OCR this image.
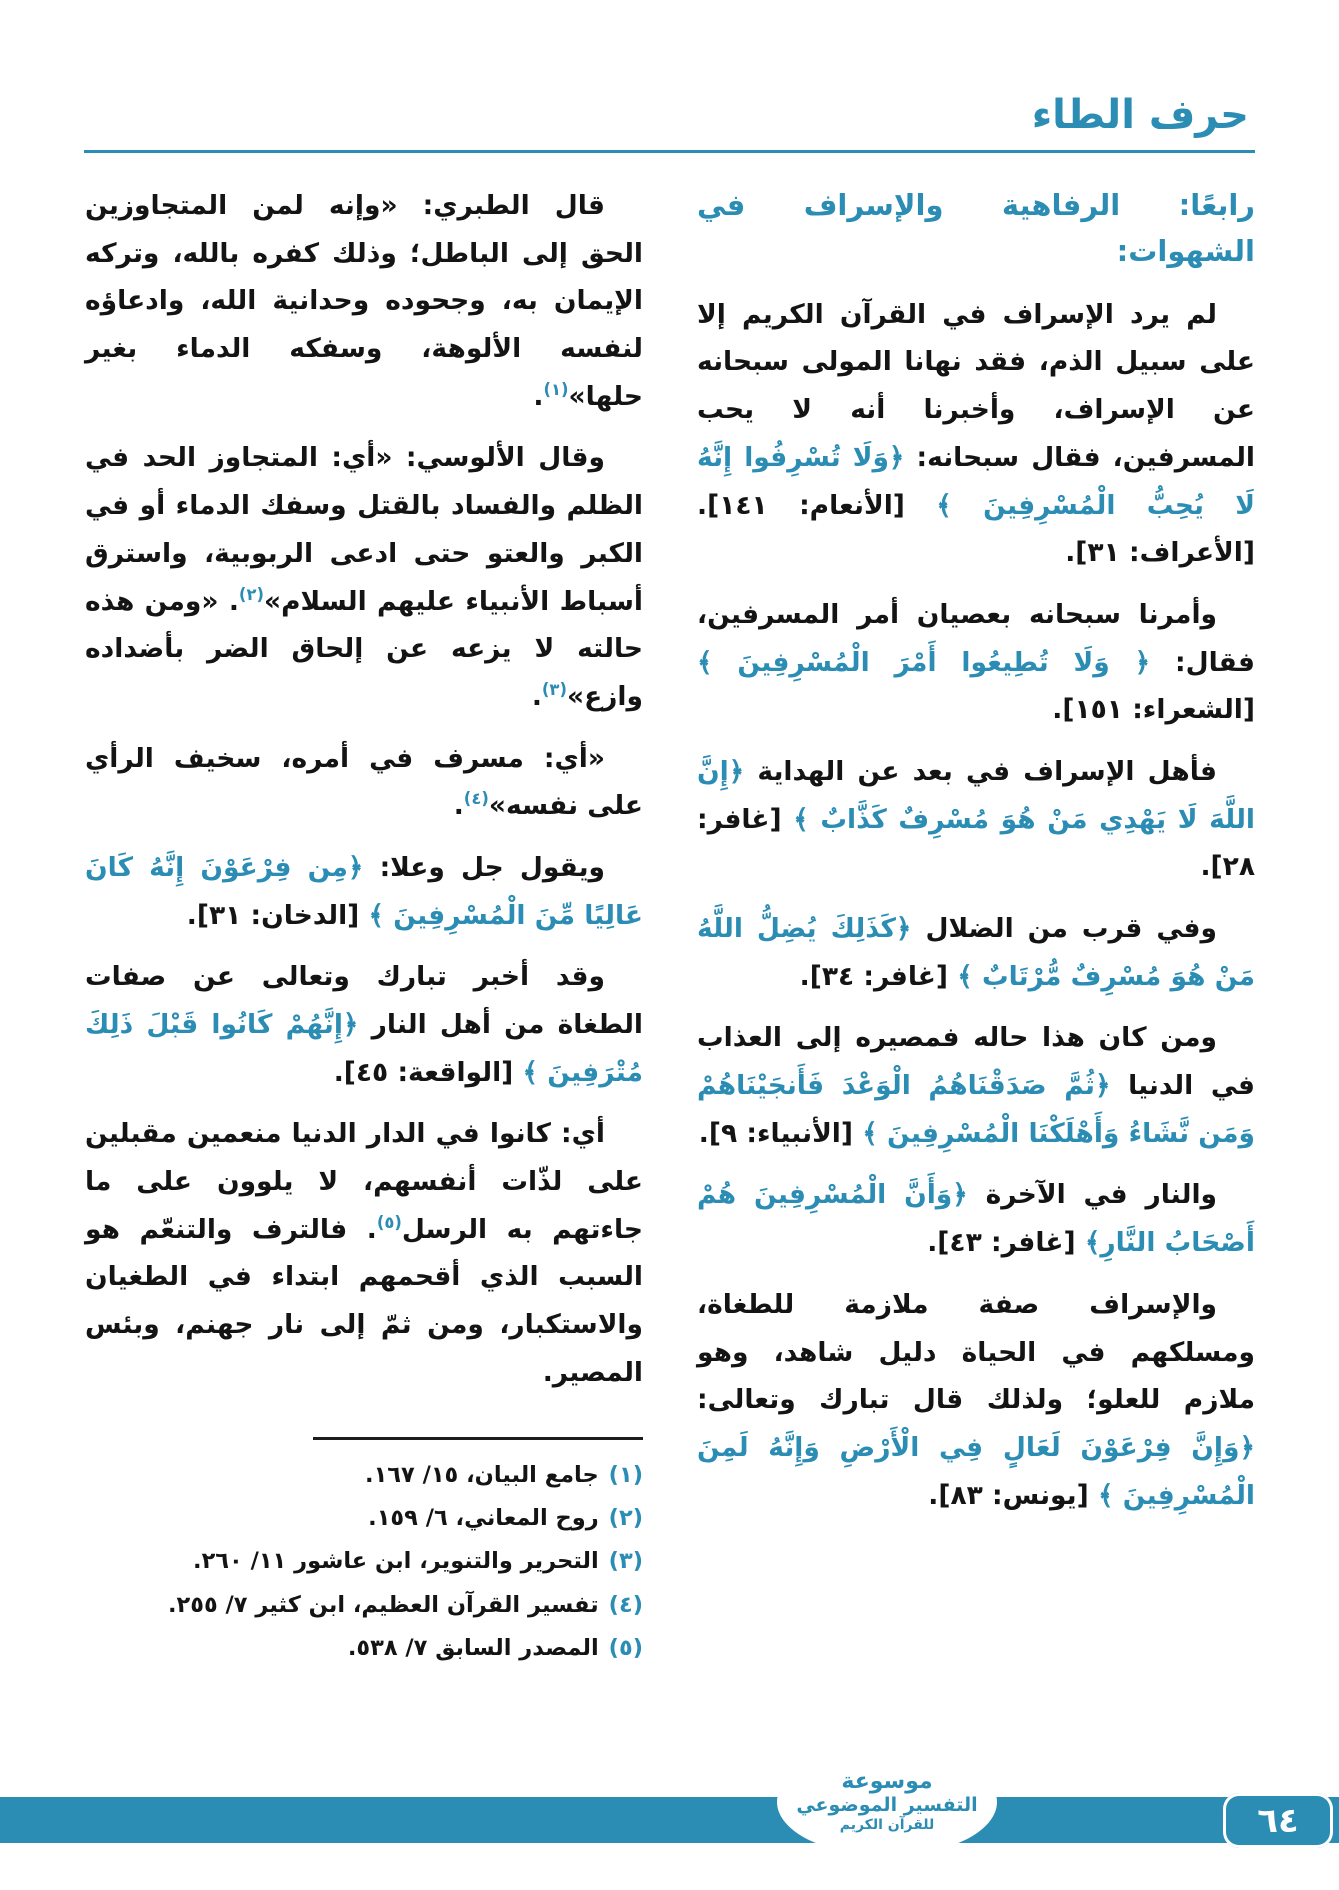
حرف الطاء
رابعًا: الرفاهية والإسراف في الشهوات:

لم يرد الإسراف في القرآن الكريم إلا على سبيل الذم، فقد نهانا المولى سبحانه عن الإسراف، وأخبرنا أنه لا يحب المسرفين، فقال سبحانه: ﴿وَلَا تُسْرِفُوا إِنَّهُ لَا يُحِبُّ الْمُسْرِفِينَ ﴾ [الأنعام: ١٤١]. [الأعراف: ٣١].

وأمرنا سبحانه بعصيان أمر المسرفين، فقال: ﴿ وَلَا تُطِيعُوا أَمْرَ الْمُسْرِفِينَ ﴾ [الشعراء: ١٥١].

فأهل الإسراف في بعد عن الهداية ﴿إِنَّ اللَّهَ لَا يَهْدِي مَنْ هُوَ مُسْرِفٌ كَذَّابٌ ﴾ [غافر: ٢٨].

وفي قرب من الضلال ﴿كَذَلِكَ يُضِلُّ اللَّهُ مَنْ هُوَ مُسْرِفٌ مُّرْتَابٌ ﴾ [غافر: ٣٤].

ومن كان هذا حاله فمصيره إلى العذاب في الدنيا ﴿ثُمَّ صَدَقْنَاهُمُ الْوَعْدَ فَأَنجَيْنَاهُمْ وَمَن نَّشَاءُ وَأَهْلَكْنَا الْمُسْرِفِينَ ﴾ [الأنبياء: ٩].

والنار في الآخرة ﴿وَأَنَّ الْمُسْرِفِينَ هُمْ أَصْحَابُ النَّارِ﴾ [غافر: ٤٣].

والإسراف صفة ملازمة للطغاة، ومسلكهم في الحياة دليل شاهد، وهو ملازم للعلو؛ ولذلك قال تبارك وتعالى: ﴿وَإِنَّ فِرْعَوْنَ لَعَالٍ فِي الْأَرْضِ وَإِنَّهُ لَمِنَ الْمُسْرِفِينَ ﴾ [يونس: ٨٣].

قال الطبري: «وإنه لمن المتجاوزين الحق إلى الباطل؛ وذلك كفره بالله، وتركه الإيمان به، وجحوده وحدانية الله، وادعاؤه لنفسه الألوهة، وسفكه الدماء بغير حلها»$^{(١)}$.

وقال الألوسي: «أي: المتجاوز الحد في الظلم والفساد بالقتل وسفك الدماء أو في الكبر والعتو حتى ادعى الربوبية، واسترق أسباط الأنبياء عليهم السلام»$^{(٢)}$. «ومن هذه حالته لا يزعه عن إلحاق الضر بأضداده وازع»$^{(٣)}$.

«أي: مسرف في أمره، سخيف الرأي على نفسه»$^{(٤)}$.

ويقول جل وعلا: ﴿مِن فِرْعَوْنَ إِنَّهُ كَانَ عَالِيًا مِّنَ الْمُسْرِفِينَ ﴾ [الدخان: ٣١].

وقد أخبر تبارك وتعالى عن صفات الطغاة من أهل النار ﴿إِنَّهُمْ كَانُوا قَبْلَ ذَلِكَ مُتْرَفِينَ ﴾ [الواقعة: ٤٥].

أي: كانوا في الدار الدنيا منعمين مقبلين على لذّات أنفسهم، لا يلوون على ما جاءتهم به الرسل$^{(٥)}$. فالترف والتنعّم هو السبب الذي أقحمهم ابتداء في الطغيان والاستكبار، ومن ثمّ إلى نار جهنم، وبئس المصير.

(١)جامع البيان، ١٥/ ١٦٧.
(٢)روح المعاني، ٦/ ١٥٩.
(٣)التحرير والتنوير، ابن عاشور ١١/ ٢٦٠.
(٤)تفسير القرآن العظيم، ابن كثير ٧/ ٢٥٥.
(٥)المصدر السابق ٧/ ٥٣٨.
موسوعة
التفسير الموضوعي
للقرآن الكريم	٦٤
